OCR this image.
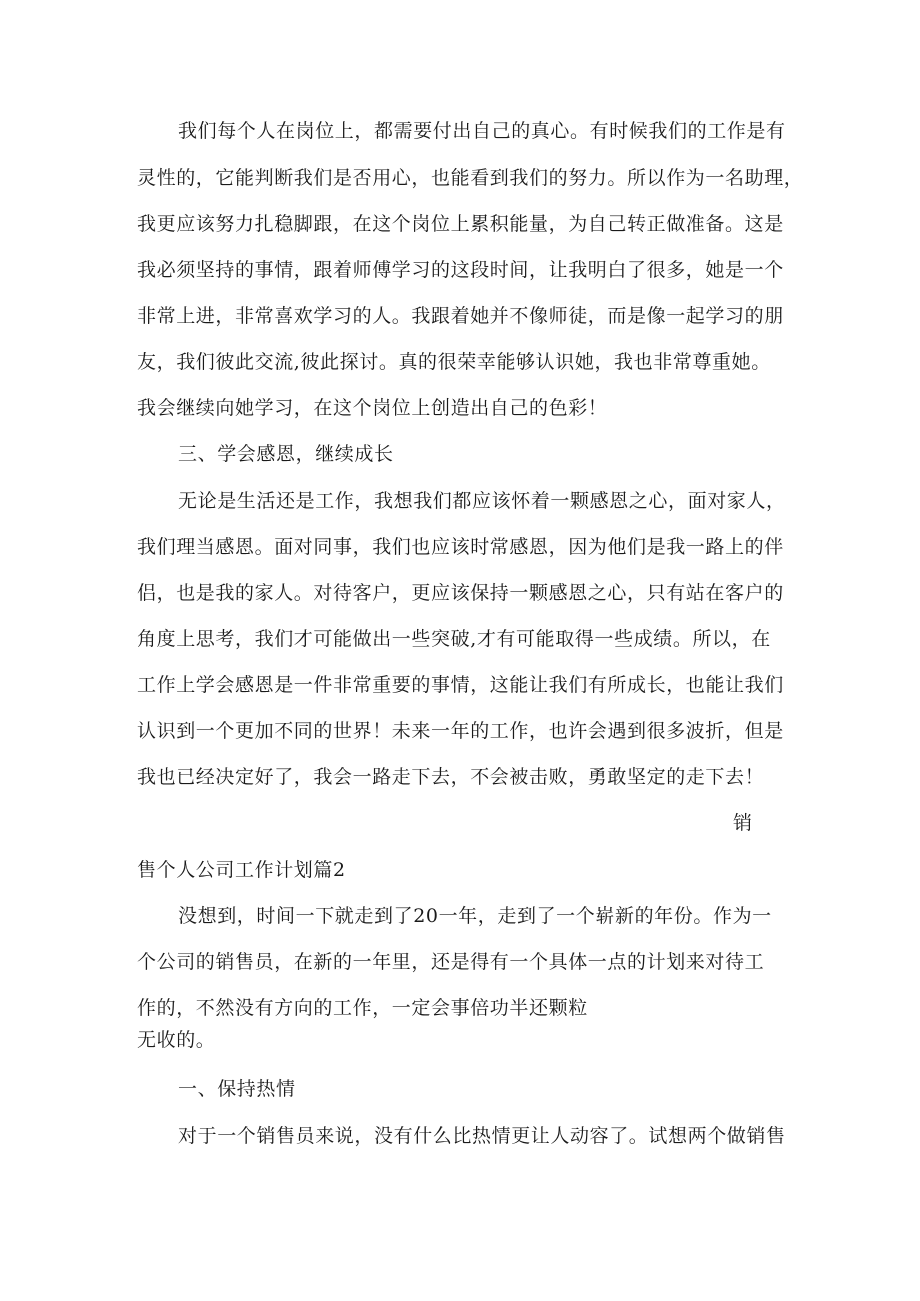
我们每个人在岗位上，都需要付出自己的真心。有时候我们的工作是有
灵性的，它能判断我们是否用心，也能看到我们的努力。所以作为一名助理，
我更应该努力扎稳脚跟，在这个岗位上累积能量，为自己转正做准备。这是
我必须坚持的事情，跟着师傅学习的这段时间，让我明白了很多，她是一个
非常上进，非常喜欢学习的人。我跟着她并不像师徒，而是像一起学习的朋
友，我们彼此交流,彼此探讨。真的很荣幸能够认识她，我也非常尊重她。
我会继续向她学习，在这个岗位上创造出自己的色彩！
三、学会感恩，继续成长
无论是生活还是工作，我想我们都应该怀着一颗感恩之心，面对家人，
我们理当感恩。面对同事，我们也应该时常感恩，因为他们是我一路上的伴
侣，也是我的家人。对待客户，更应该保持一颗感恩之心，只有站在客户的
角度上思考，我们才可能做出一些突破,才有可能取得一些成绩。所以，在
工作上学会感恩是一件非常重要的事情，这能让我们有所成长，也能让我们
认识到一个更加不同的世界！未来一年的工作，也许会遇到很多波折，但是
我也已经决定好了，我会一路走下去，不会被击败，勇敢坚定的走下去！
销
售个人公司工作计划篇2
没想到，时间一下就走到了20一年，走到了一个崭新的年份。作为一
个公司的销售员，在新的一年里，还是得有一个具体一点的计划来对待工
作的，不然没有方向的工作，一定会事倍功半还颗粒
无收的。
一、保持热情
对于一个销售员来说，没有什么比热情更让人动容了。试想两个做销售
